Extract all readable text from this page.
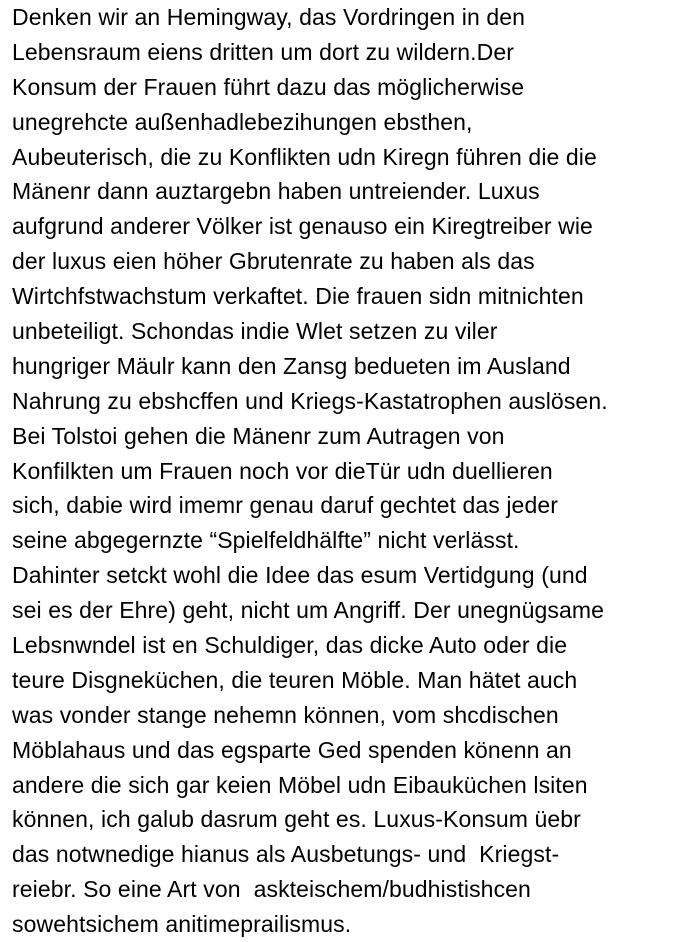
Denken wir an Hemingway, das Vordringen in den
Lebensraum eiens dritten um dort zu wildern.Der
Konsum der Frauen führt dazu das möglicherwise
unegrehcte außenhadlebezihungen ebsthen,
Aubeuterisch, die zu Konflikten udn Kiregn führen die die
Mänenr dann auztargebn haben untreiender. Luxus
aufgrund anderer Völker ist genauso ein Kiregtreiber wie
der luxus eien höher Gbrutenrate zu haben als das
Wirtchfstwachstum verkaftet. Die frauen sidn mitnichten
unbeteiligt. Schondas indie Wlet setzen zu viler
hungriger Mäulr kann den Zansg bedueten im Ausland
Nahrung zu ebshcffen und Kriegs-Kastatrophen auslösen.
Bei Tolstoi gehen die Mänenr zum Autragen von
Konfilkten um Frauen noch vor dieTür udn duellieren
sich, dabie wird imemr genau daruf gechtet das jeder
seine abgegernzte “Spielfeldhälfte” nicht verlässt.
Dahinter setckt wohl die Idee das esum Vertidgung (und
sei es der Ehre) geht, nicht um Angriff. Der unegnügsame
Lebsnwndel ist en Schuldiger, das dicke Auto oder die
teure Disgneküchen, die teuren Möble. Man hätet auch
was vonder stange nehemn können, vom shcdischen
Möblahaus und das egsparte Ged spenden könenn an
andere die sich gar keien Möbel udn Eibauküchen lsiten
können, ich galub dasrum geht es. Luxus-Konsum üebr
das notwnedige hianus als Ausbetungs- und  Kriegst-
reiebr. So eine Art von  askteischem/budhistishcen
sowehtsichem anitimeprailismus.
